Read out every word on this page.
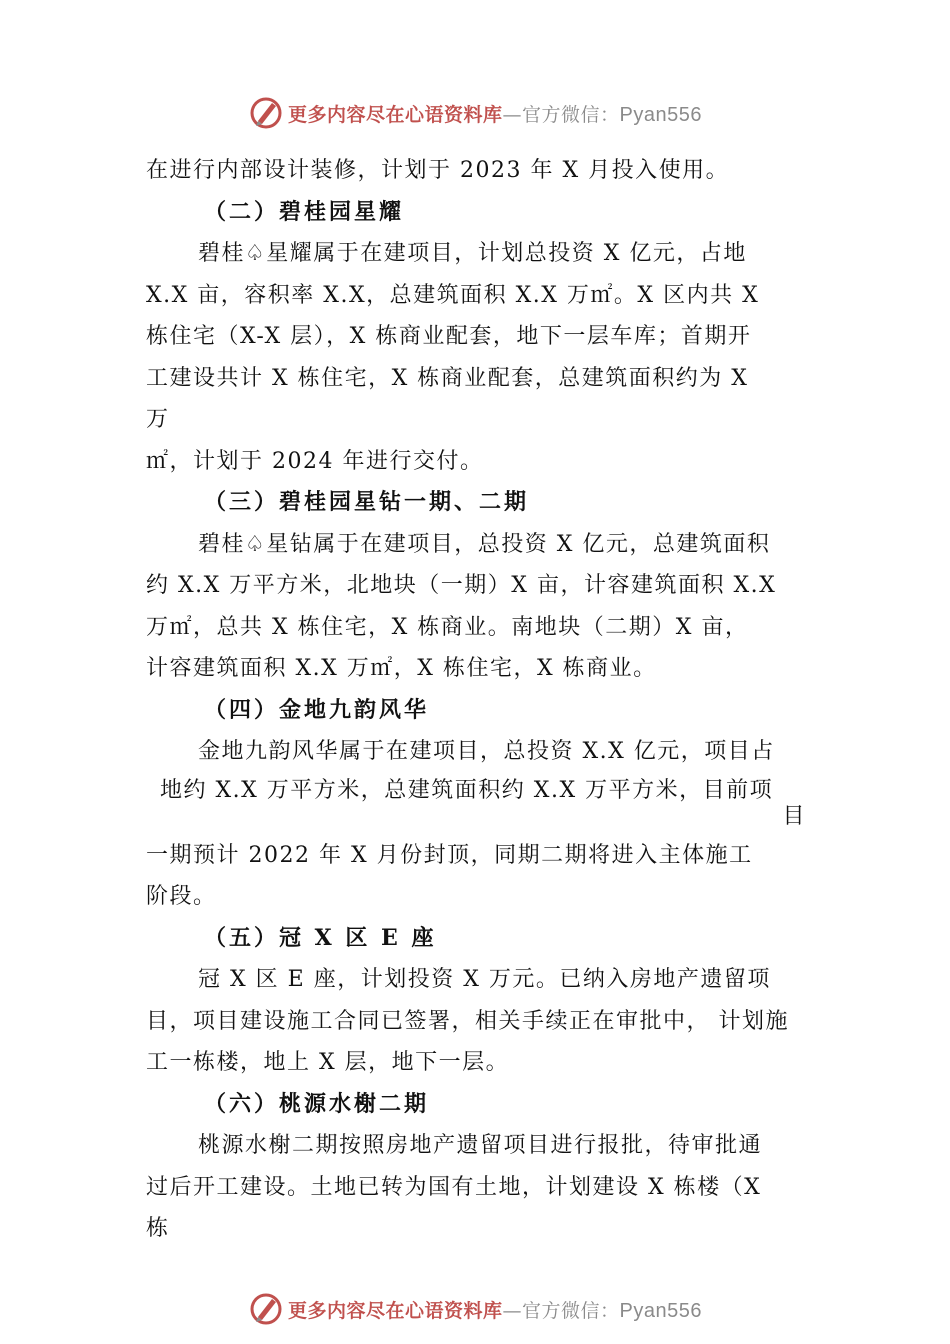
更多内容尽在心语资料库—官方微信：Pyan556
在进行内部设计装修，计划于 2023 年 X 月投入使用。
（二）碧桂园星耀
碧桂♤星耀属于在建项目，计划总投资 X 亿元，占地
X.X 亩，容积率 X.X，总建筑面积 X.X 万㎡。X 区内共 X
栋住宅（X-X 层），X 栋商业配套，地下一层车库；首期开
工建设共计 X 栋住宅，X 栋商业配套，总建筑面积约为 X
万
㎡，计划于 2024 年进行交付。
（三）碧桂园星钻一期、二期
碧桂♤星钻属于在建项目，总投资 X 亿元，总建筑面积
约 X.X 万平方米，北地块（一期）X 亩，计容建筑面积 X.X
万㎡，总共 X 栋住宅，X 栋商业。南地块（二期）X 亩，
计容建筑面积 X.X 万㎡，X 栋住宅，X 栋商业。
（四）金地九韵风华
金地九韵风华属于在建项目，总投资 X.X 亿元，项目占
地约 X.X 万平方米，总建筑面积约 X.X 万平方米，目前项
目
一期预计 2022 年 X 月份封顶，同期二期将进入主体施工
阶段。
（五）冠 X 区 E 座
冠 X 区 E 座，计划投资 X 万元。已纳入房地产遗留项
目，项目建设施工合同已签署，相关手续正在审批中， 计划施
工一栋楼，地上 X 层，地下一层。
（六）桃源水榭二期
桃源水榭二期按照房地产遗留项目进行报批，待审批通
过后开工建设。土地已转为国有土地，计划建设 X 栋楼（X
栋
更多内容尽在心语资料库—官方微信：Pyan556
